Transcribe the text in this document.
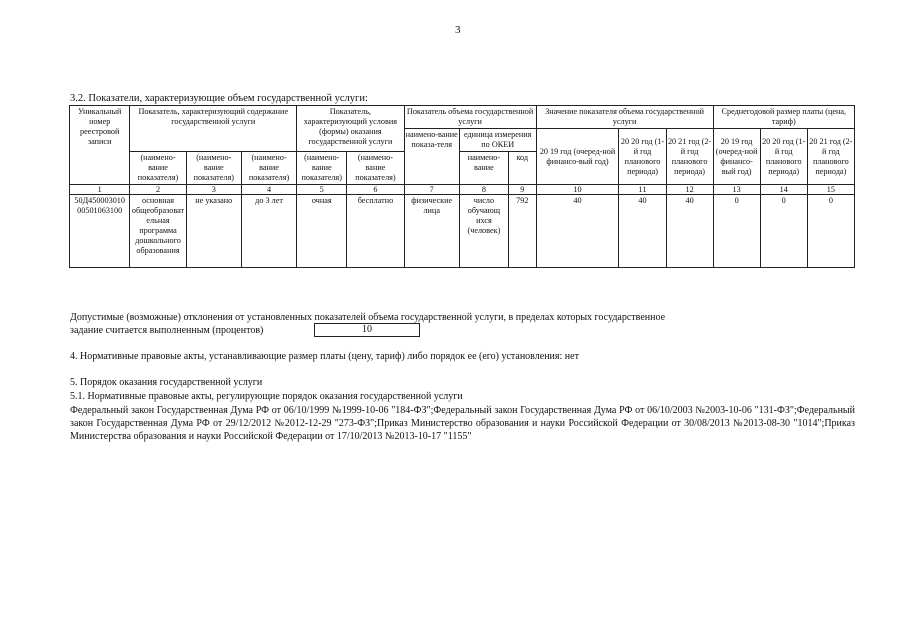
3
3.2. Показатели, характеризующие объем государственной услуги:
Уникальный номер реестровой записи	Показатель, характеризующий содержание государственной услуги			Показатель, характеризующий условия (формы) оказания государственной услуги		Показатель объема государственной услуги			Значение показателя объема государственной услуги			Среднегодовой размер платы (цена, тариф)		
						наимено-вание показа-теля	единица измерения по ОКЕИ		20 19 год (очеред-ной финансо-вый год)	20 20 год (1-й год планового периода)	20 21 год (2-й год планового периода)	20 19 год (очеред-ной финансо-вый год)	20 20 год (1-й год планового периода)	20 21 год (2-й год планового периода)
	(наимено-вание показателя)	(наимено-вание показателя)	(наимено-вание показателя)	(наимено-вание показателя)	(наимено-вание показателя)		наимено-вание	код						
1	2	3	4	5	6	7	8	9	10	11	12	13	14	15
50Д450003010 00501063100	основная общеобразоват ельная программа дошкольного образования	не указано	до 3 лет	очная	бесплатно	физические лица	число обучающ ихся (человек)	792	40	40	40	0	0	0
Допустимые (возможные) отклонения от установленных показателей объема государственной услуги, в пределах которых государственное
задание считается выполненным (процентов)	10
4. Нормативные правовые акты, устанавливающие размер платы (цену, тариф) либо порядок ее (его) установления: нет
5. Порядок оказания государственной услуги
5.1. Нормативные правовые акты, регулирующие порядок оказания государственной услуги
Федеральный закон Государственная Дума РФ от 06/10/1999 №1999-10-06 "184-ФЗ";Федеральный закон Государственная Дума РФ от 06/10/2003 №2003-10-06 "131-ФЗ";Федеральный закон Государственная Дума РФ от 29/12/2012 №2012-12-29 "273-ФЗ";Приказ Министерство образования и науки Российской Федерации от 30/08/2013 №2013-08-30 "1014";Приказ Министерства образования и науки Российской Федерации от 17/10/2013 №2013-10-17 "1155"
